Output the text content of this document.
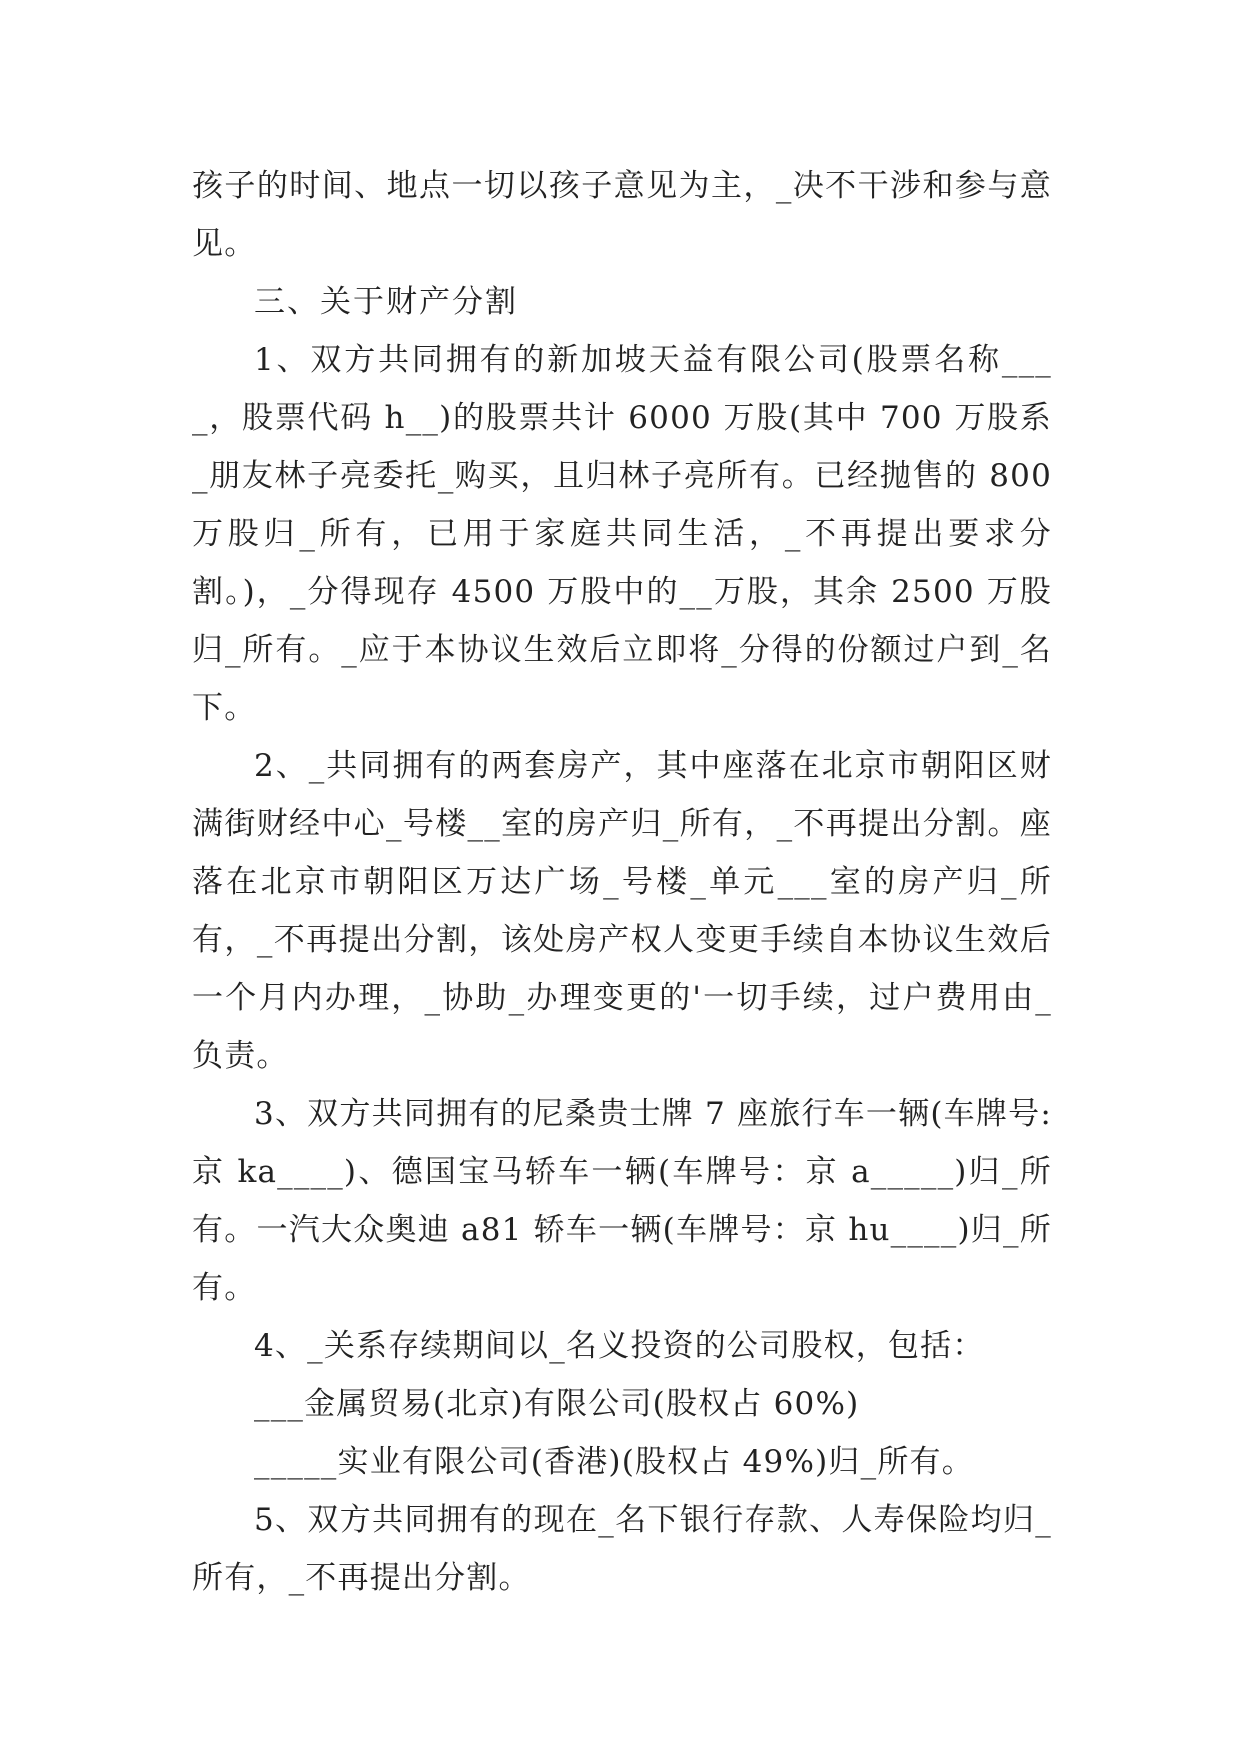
孩子的时间、地点一切以孩子意见为主，_决不干涉和参与意见。

三、关于财产分割

1、双方共同拥有的新加坡天益有限公司(股票名称____，股票代码 h__)的股票共计 6000 万股(其中 700 万股系_朋友林子亮委托_购买，且归林子亮所有。已经抛售的 800 万股归_所有，已用于家庭共同生活，_不再提出要求分割。)，_分得现存 4500 万股中的__万股，其余 2500 万股归_所有。_应于本协议生效后立即将_分得的份额过户到_名下。

2、_共同拥有的两套房产，其中座落在北京市朝阳区财满街财经中心_号楼__室的房产归_所有，_不再提出分割。座落在北京市朝阳区万达广场_号楼_单元___室的房产归_所有，_不再提出分割，该处房产权人变更手续自本协议生效后一个月内办理，_协助_办理变更的'一切手续，过户费用由_负责。

3、双方共同拥有的尼桑贵士牌 7 座旅行车一辆(车牌号:京 ka____)、德国宝马轿车一辆(车牌号：京 a_____)归_所有。一汽大众奥迪 a81 轿车一辆(车牌号：京 hu____)归_所有。

4、_关系存续期间以_名义投资的公司股权，包括：

___金属贸易(北京)有限公司(股权占 60%)

_____实业有限公司(香港)(股权占 49%)归_所有。

5、双方共同拥有的现在_名下银行存款、人寿保险均归_所有，_不再提出分割。
